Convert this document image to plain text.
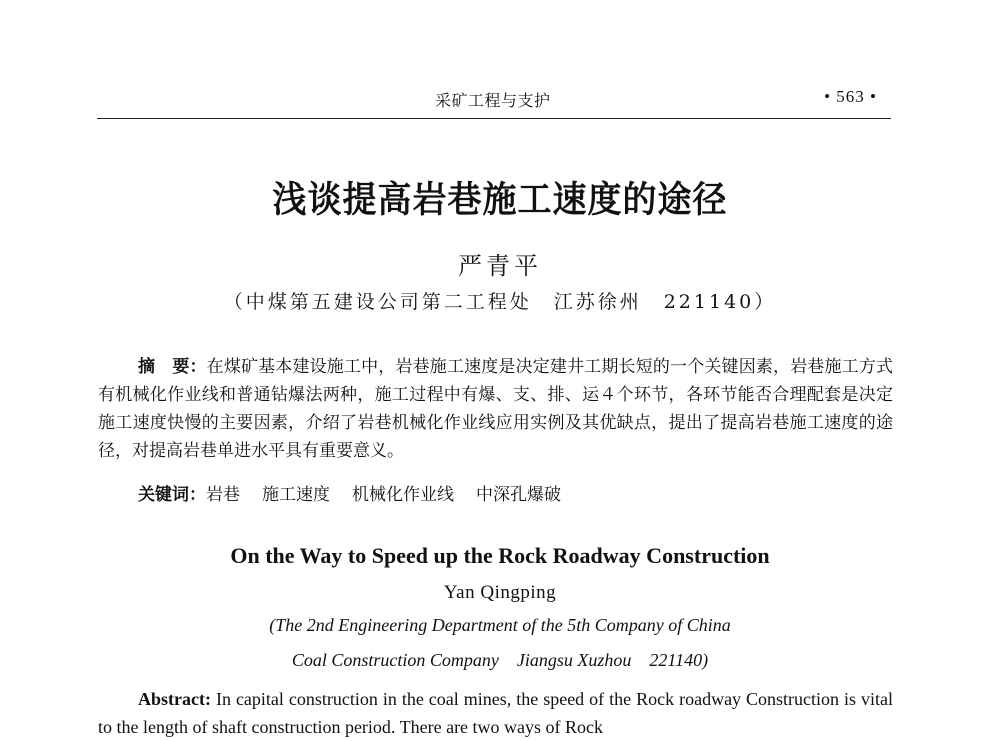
采矿工程与支护	• 563 •
浅谈提高岩巷施工速度的途径
严青平
（中煤第五建设公司第二工程处　江苏徐州　221140）

摘　要：在煤矿基本建设施工中，岩巷施工速度是决定建井工期长短的一个关键因素，岩巷施工方式有机械化作业线和普通钻爆法两种，施工过程中有爆、支、排、运４个环节，各环节能否合理配套是决定施工速度快慢的主要因素，介绍了岩巷机械化作业线应用实例及其优缺点，提出了提高岩巷施工速度的途径，对提高岩巷单进水平具有重要意义。

关键词：岩巷 施工速度 机械化作业线 中深孔爆破
On the Way to Speed up the Rock Roadway Construction
Yan Qingping
(The 2nd Engineering Department of the 5th Company of China
Coal Construction Company　Jiangsu Xuzhou　221140)

Abstract: In capital construction in the coal mines, the speed of the Rock roadway Construction is vital to the length of shaft construction period. There are two ways of Rock
